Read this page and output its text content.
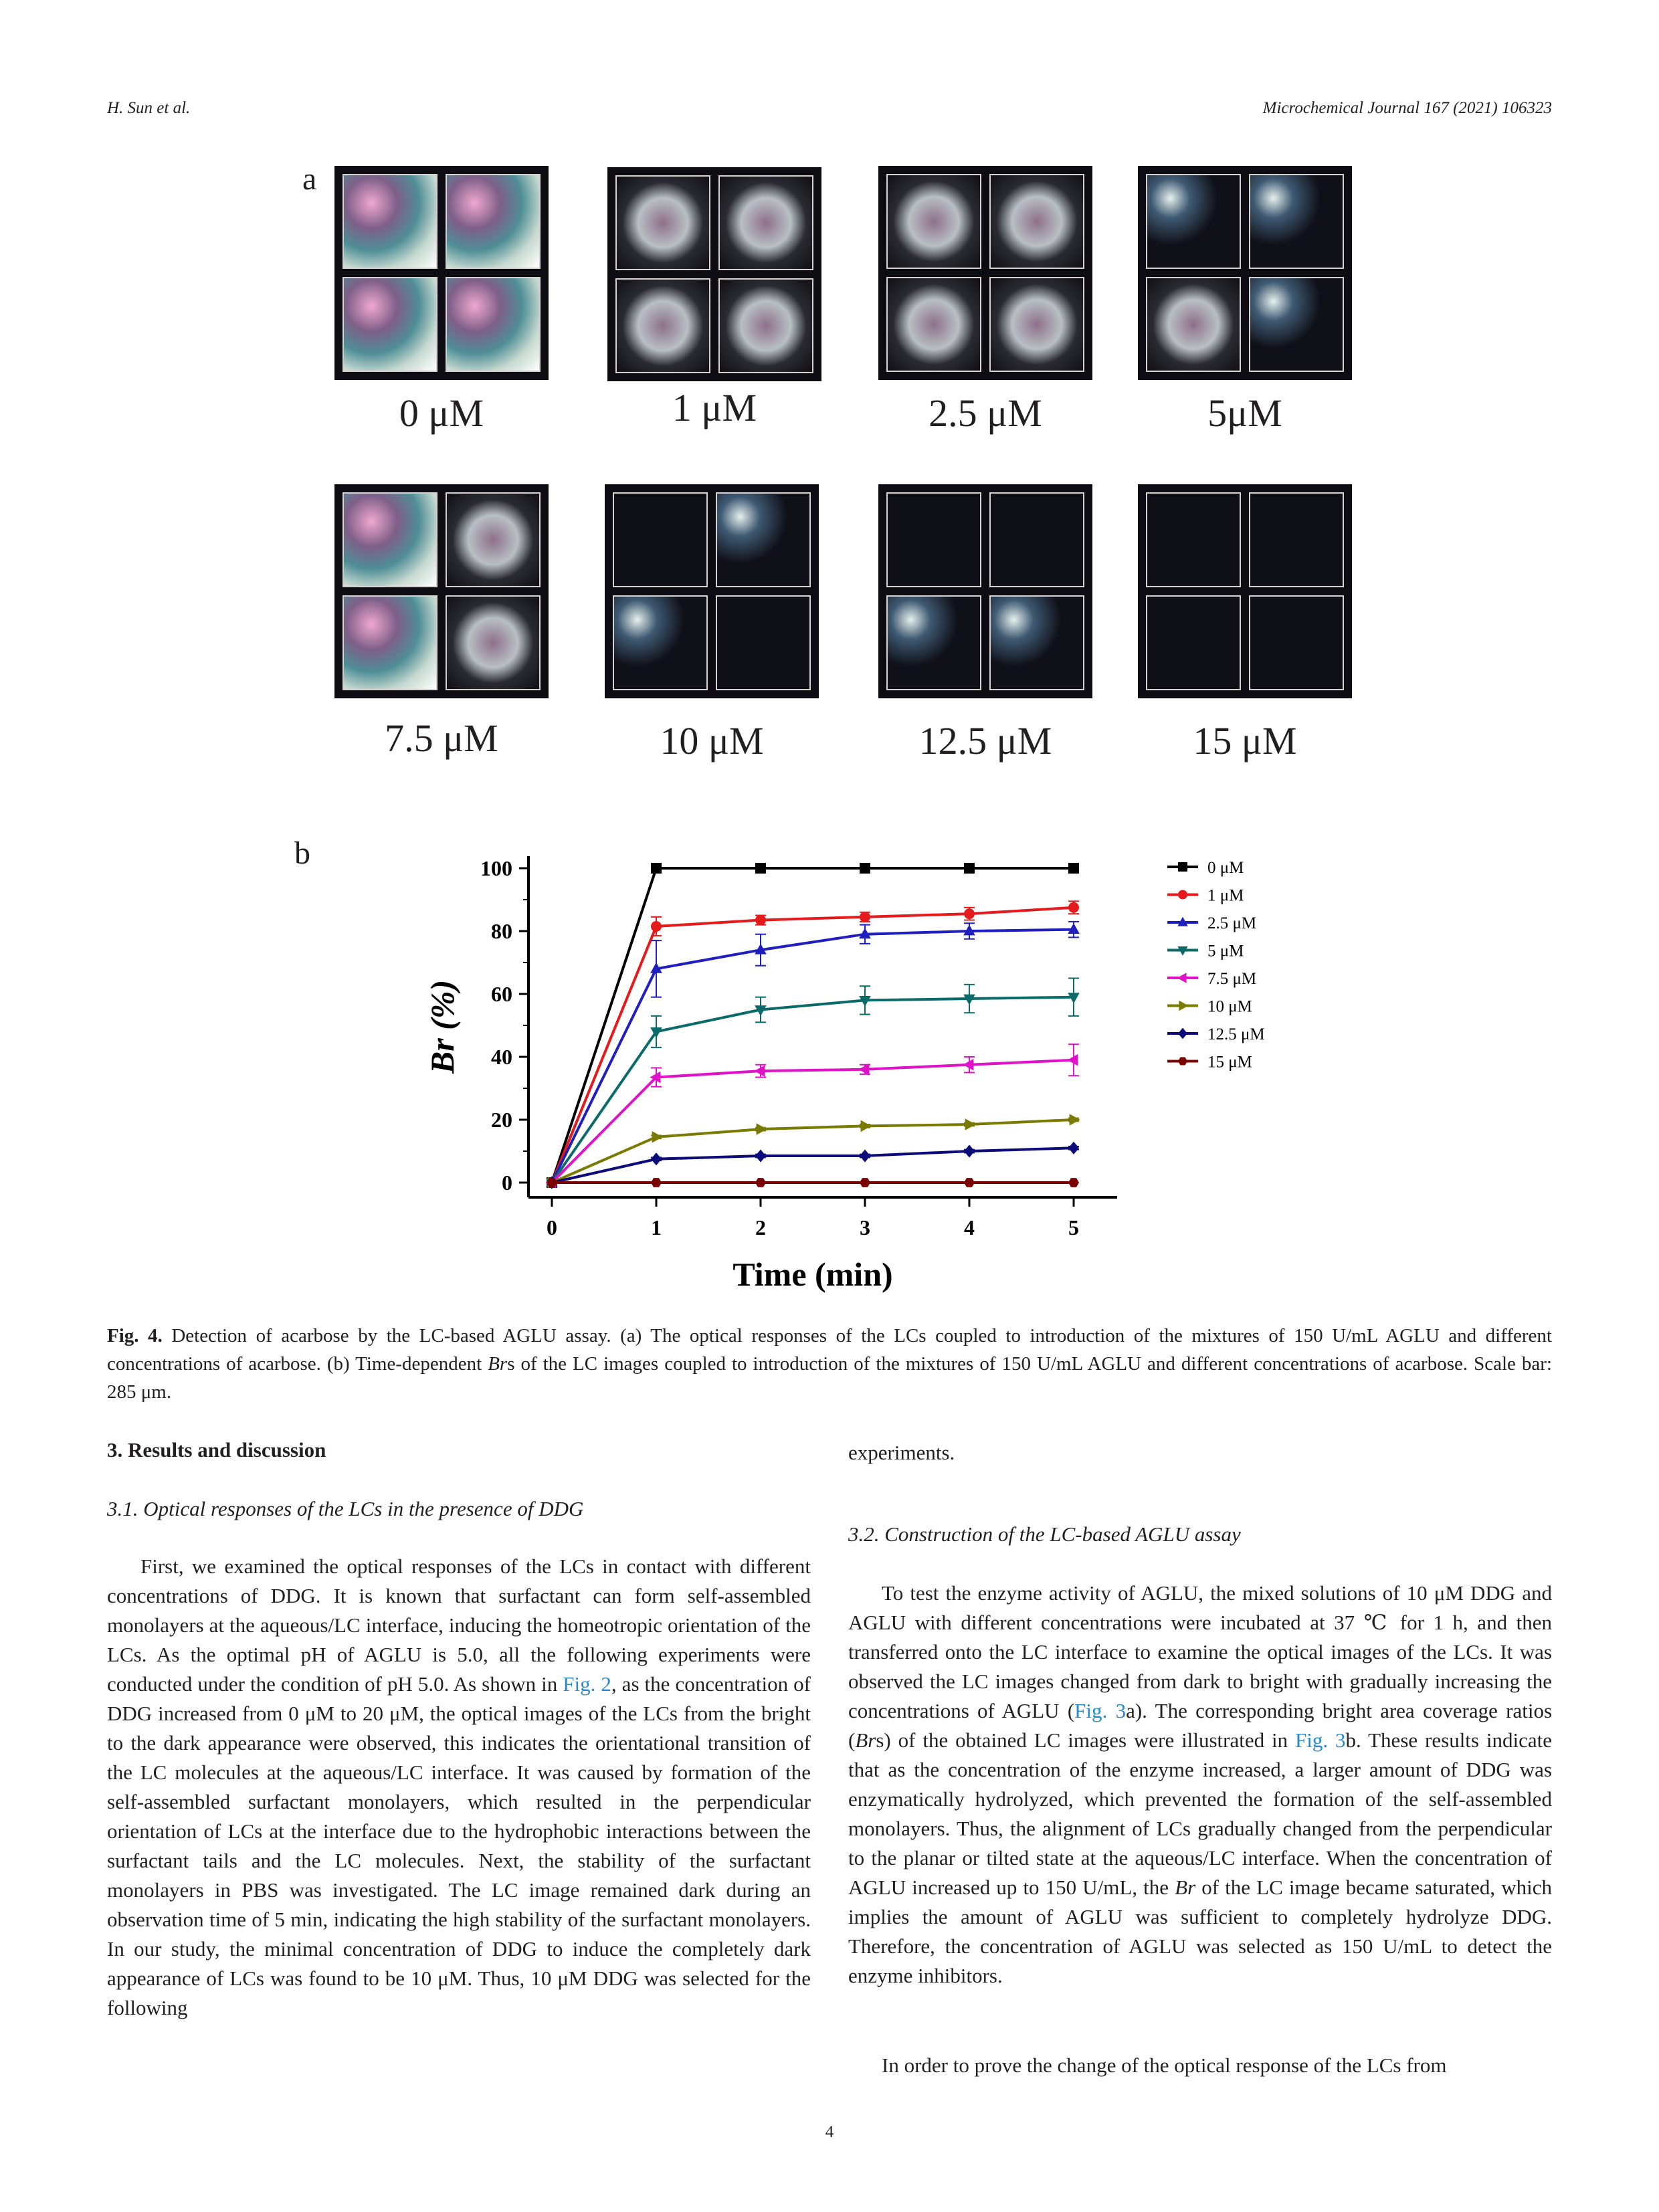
H. Sun et al.	Microchemical Journal 167 (2021) 106323
a
0 μM	1 μM	2.5 μM	5μM
7.5 μM	10 μM	12.5 μM	15 μM
b
0
20
40
60
80
100
0	1	2	3	4	5
Time (min)
Br (%)
0 μM
1 μM
2.5 μM
5 μM
7.5 μM
10 μM
12.5 μM
15 μM
Fig. 4. Detection of acarbose by the LC-based AGLU assay. (a) The optical responses of the LCs coupled to introduction of the mixtures of 150 U/mL AGLU and different concentrations of acarbose. (b) Time-dependent Brs of the LC images coupled to introduction of the mixtures of 150 U/mL AGLU and different concentrations of acarbose. Scale bar: 285 μm.
3. Results and discussion
3.1. Optical responses of the LCs in the presence of DDG
First, we examined the optical responses of the LCs in contact with different concentrations of DDG. It is known that surfactant can form self-assembled monolayers at the aqueous/LC interface, inducing the homeotropic orientation of the LCs. As the optimal pH of AGLU is 5.0, all the following experiments were conducted under the condition of pH 5.0. As shown in Fig. 2, as the concentration of DDG increased from 0 μM to 20 μM, the optical images of the LCs from the bright to the dark appearance were observed, this indicates the orientational transition of the LC molecules at the aqueous/LC interface. It was caused by formation of the self-assembled surfactant monolayers, which resulted in the perpendicular orientation of LCs at the interface due to the hydrophobic interactions between the surfactant tails and the LC molecules. Next, the stability of the surfactant monolayers in PBS was investigated. The LC image remained dark during an observation time of 5 min, indicating the high stability of the surfactant monolayers. In our study, the minimal concentration of DDG to induce the completely dark appearance of LCs was found to be 10 μM. Thus, 10 μM DDG was selected for the following
experiments.
3.2. Construction of the LC-based AGLU assay
To test the enzyme activity of AGLU, the mixed solutions of 10 μM DDG and AGLU with different concentrations were incubated at 37 ℃ for 1 h, and then transferred onto the LC interface to examine the optical images of the LCs. It was observed the LC images changed from dark to bright with gradually increasing the concentrations of AGLU (Fig. 3a). The corresponding bright area coverage ratios (Brs) of the obtained LC images were illustrated in Fig. 3b. These results indicate that as the concentration of the enzyme increased, a larger amount of DDG was enzymatically hydrolyzed, which prevented the formation of the self-assembled monolayers. Thus, the alignment of LCs gradually changed from the perpendicular to the planar or tilted state at the aqueous/LC interface. When the concentration of AGLU increased up to 150 U/mL, the Br of the LC image became saturated, which implies the amount of AGLU was sufficient to completely hydrolyze DDG. Therefore, the concentration of AGLU was selected as 150 U/mL to detect the enzyme inhibitors.
In order to prove the change of the optical response of the LCs from
4
